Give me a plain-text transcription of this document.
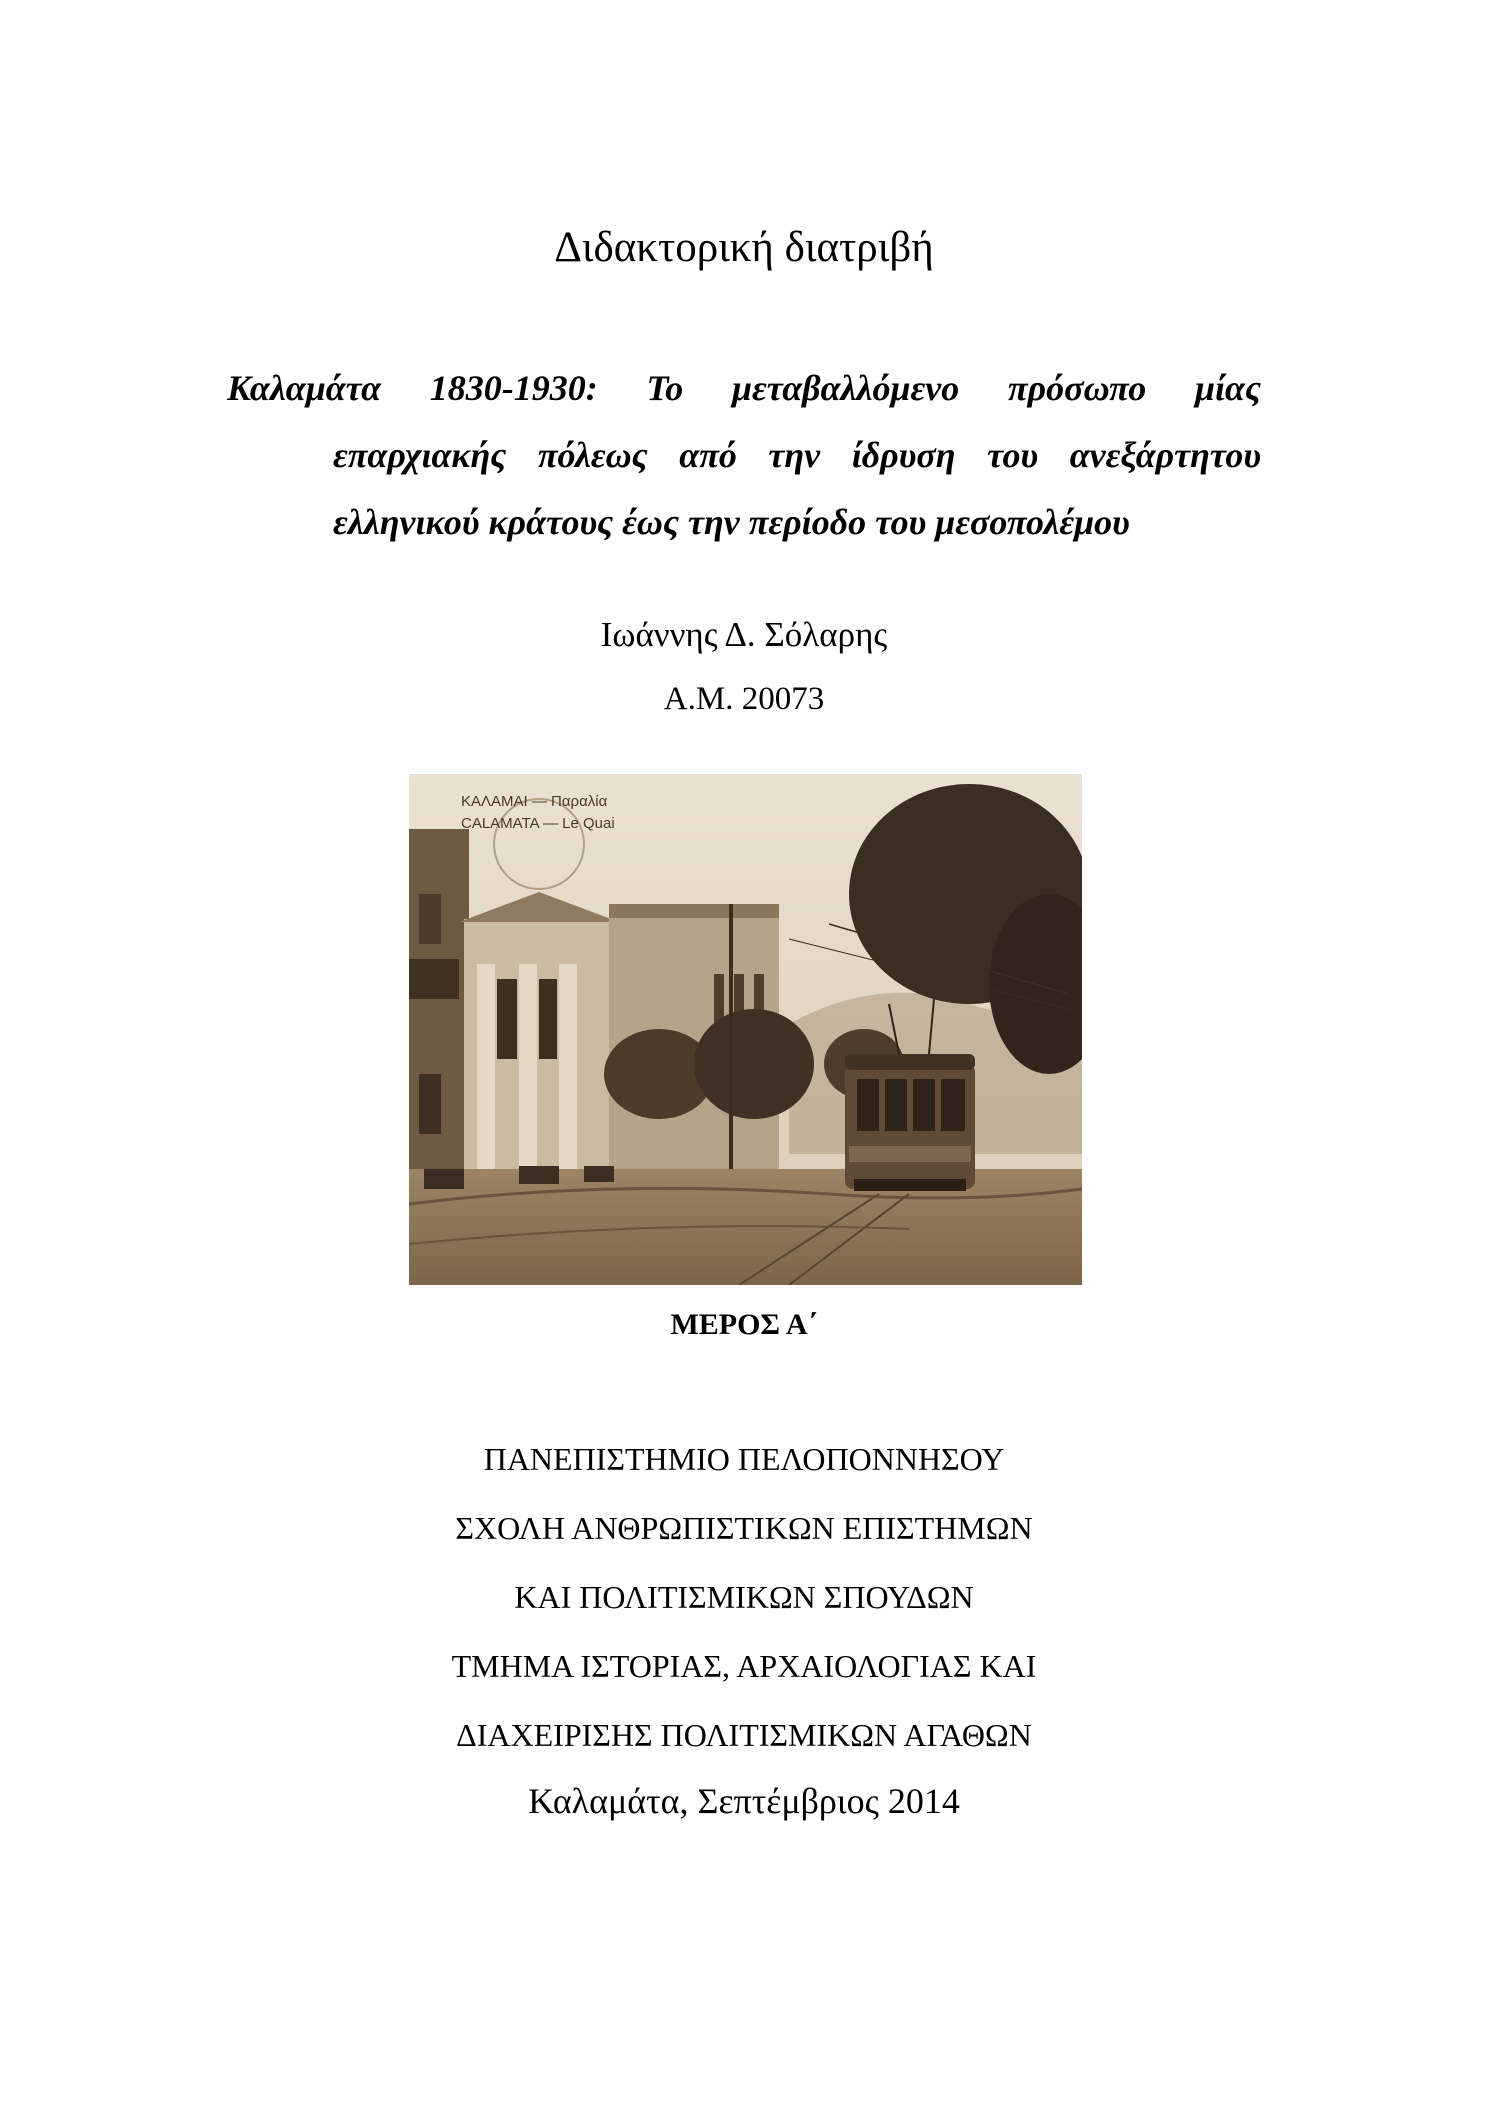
Διδακτορική διατριβή
Καλαμάτα 1830-1930: Το μεταβαλλόμενο πρόσωπο μίας
επαρχιακής πόλεως από την ίδρυση του ανεξάρτητου
ελληνικού κράτους έως την περίοδο του μεσοπολέμου
Ιωάννης Δ. Σόλαρης
Α.Μ. 20073
ΚΑΛΑΜΑΙ — Παραλία
CALAMATA — Le Quai
ΜΕΡΟΣ Α΄
ΠΑΝΕΠΙΣΤΗΜΙΟ ΠΕΛΟΠΟΝΝΗΣΟΥ
ΣΧΟΛΗ ΑΝΘΡΩΠΙΣΤΙΚΩΝ ΕΠΙΣΤΗΜΩΝ
ΚΑΙ ΠΟΛΙΤΙΣΜΙΚΩΝ ΣΠΟΥΔΩΝ
ΤΜΗΜΑ ΙΣΤΟΡΙΑΣ, ΑΡΧΑΙΟΛΟΓΙΑΣ ΚΑΙ
ΔΙΑΧΕΙΡΙΣΗΣ ΠΟΛΙΤΙΣΜΙΚΩΝ ΑΓΑΘΩΝ
Καλαμάτα, Σεπτέμβριος 2014
